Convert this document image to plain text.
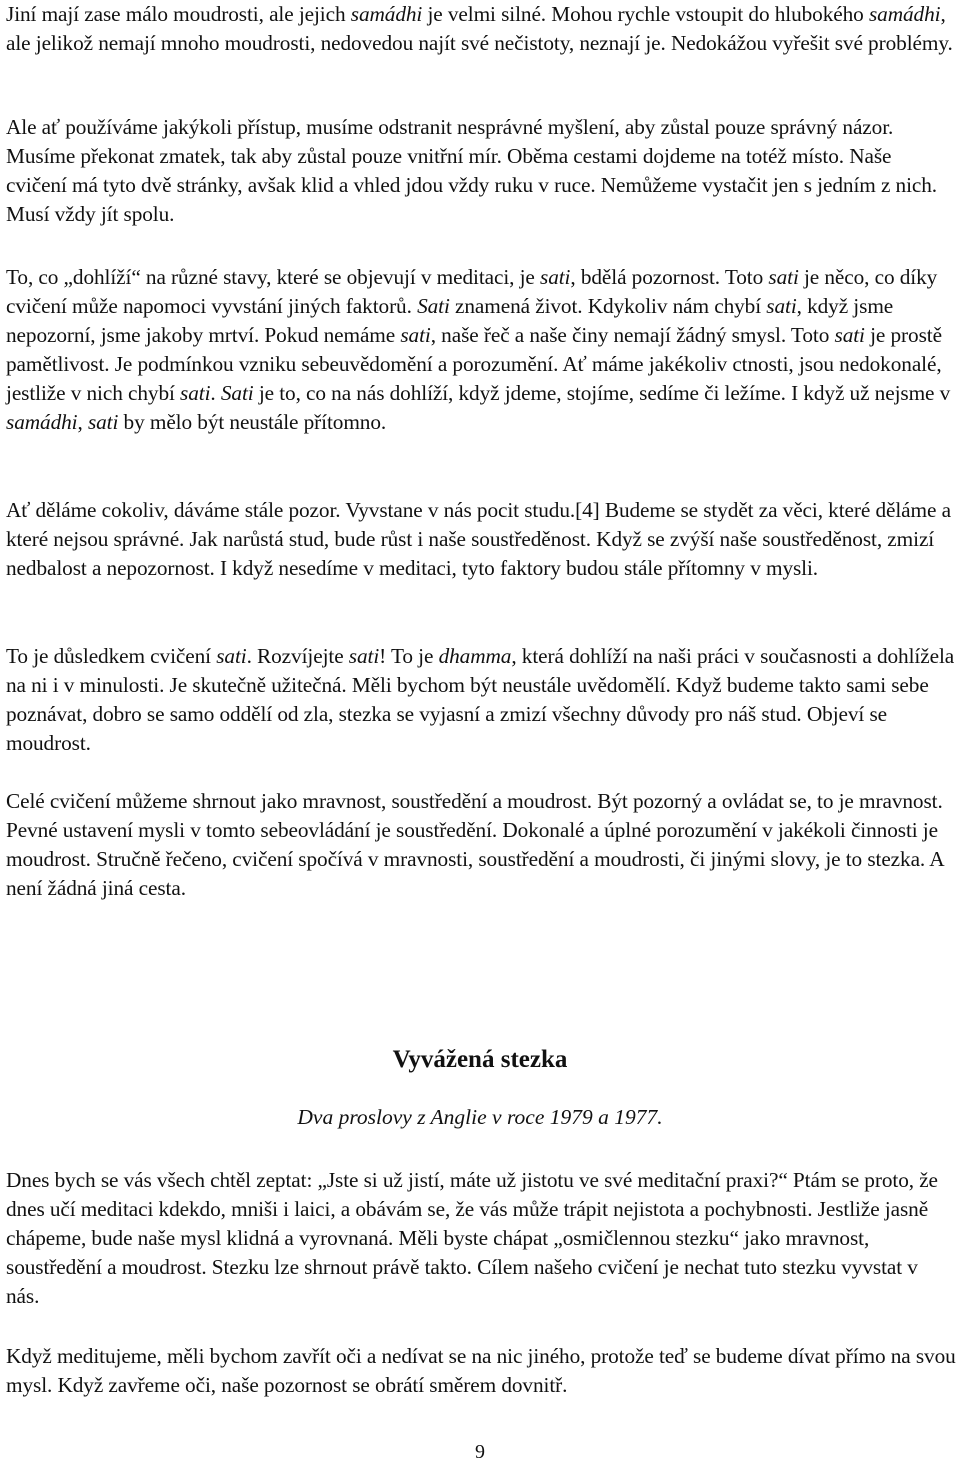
Jiní mají zase málo moudrosti, ale jejich samádhi je velmi silné. Mohou rychle vstoupit do hlubokého samádhi, ale jelikož nemají mnoho moudrosti, nedovedou najít své nečistoty, neznají je. Nedokážou vyřešit své problémy.

Ale ať používáme jakýkoli přístup, musíme odstranit nesprávné myšlení, aby zůstal pouze správný názor. Musíme překonat zmatek, tak aby zůstal pouze vnitřní mír. Oběma cestami dojdeme na totéž místo. Naše cvičení má tyto dvě stránky, avšak klid a vhled jdou vždy ruku v ruce. Nemůžeme vystačit jen s jedním z nich. Musí vždy jít spolu.

To, co „dohlíží“ na různé stavy, které se objevují v meditaci, je sati, bdělá pozornost. Toto sati je něco, co díky cvičení může napomoci vyvstání jiných faktorů. Sati znamená život. Kdykoliv nám chybí sati, když jsme nepozorní, jsme jakoby mrtví. Pokud nemáme sati, naše řeč a naše činy nemají žádný smysl. Toto sati je prostě pamětlivost. Je podmínkou vzniku sebeuvědomění a porozumění. Ať máme jakékoliv ctnosti, jsou nedokonalé, jestliže v nich chybí sati. Sati je to, co na nás dohlíží, když jdeme, stojíme, sedíme či ležíme. I když už nejsme v samádhi, sati by mělo být neustále přítomno.

Ať děláme cokoliv, dáváme stále pozor. Vyvstane v nás pocit studu.[4] Budeme se stydět za věci, které děláme a které nejsou správné. Jak narůstá stud, bude růst i naše soustředěnost. Když se zvýší naše soustředěnost, zmizí nedbalost a nepozornost. I když nesedíme v meditaci, tyto faktory budou stále přítomny v mysli.

To je důsledkem cvičení sati. Rozvíjejte sati! To je dhamma, která dohlíží na naši práci v současnosti a dohlížela na ni i v minulosti. Je skutečně užitečná. Měli bychom být neustále uvědomělí. Když budeme takto sami sebe poznávat, dobro se samo oddělí od zla, stezka se vyjasní a zmizí všechny důvody pro náš stud. Objeví se moudrost.

Celé cvičení můžeme shrnout jako mravnost, soustředění a moudrost. Být pozorný a ovládat se, to je mravnost. Pevné ustavení mysli v tomto sebeovládání je soustředění. Dokonalé a úplné porozumění v jakékoli činnosti je moudrost. Stručně řečeno, cvičení spočívá v mravnosti, soustředění a moudrosti, či jinými slovy, je to stezka. A není žádná jiná cesta.

Dnes bych se vás všech chtěl zeptat: „Jste si už jistí, máte už jistotu ve své meditační praxi?“ Ptám se proto, že dnes učí meditaci kdekdo, mniši i laici, a obávám se, že vás může trápit nejistota a pochybnosti. Jestliže jasně chápeme, bude naše mysl klidná a vyrovnaná. Měli byste chápat „osmičlennou stezku“ jako mravnost, soustředění a moudrost. Stezku lze shrnout právě takto. Cílem našeho cvičení je nechat tuto stezku vyvstat v nás.

Když meditujeme, měli bychom zavřít oči a nedívat se na nic jiného, protože teď se budeme dívat přímo na svou mysl. Když zavřeme oči, naše pozornost se obrátí směrem dovnitř.

Vyvážená stezka

Dva proslovy z Anglie v roce 1979 a 1977.

9
